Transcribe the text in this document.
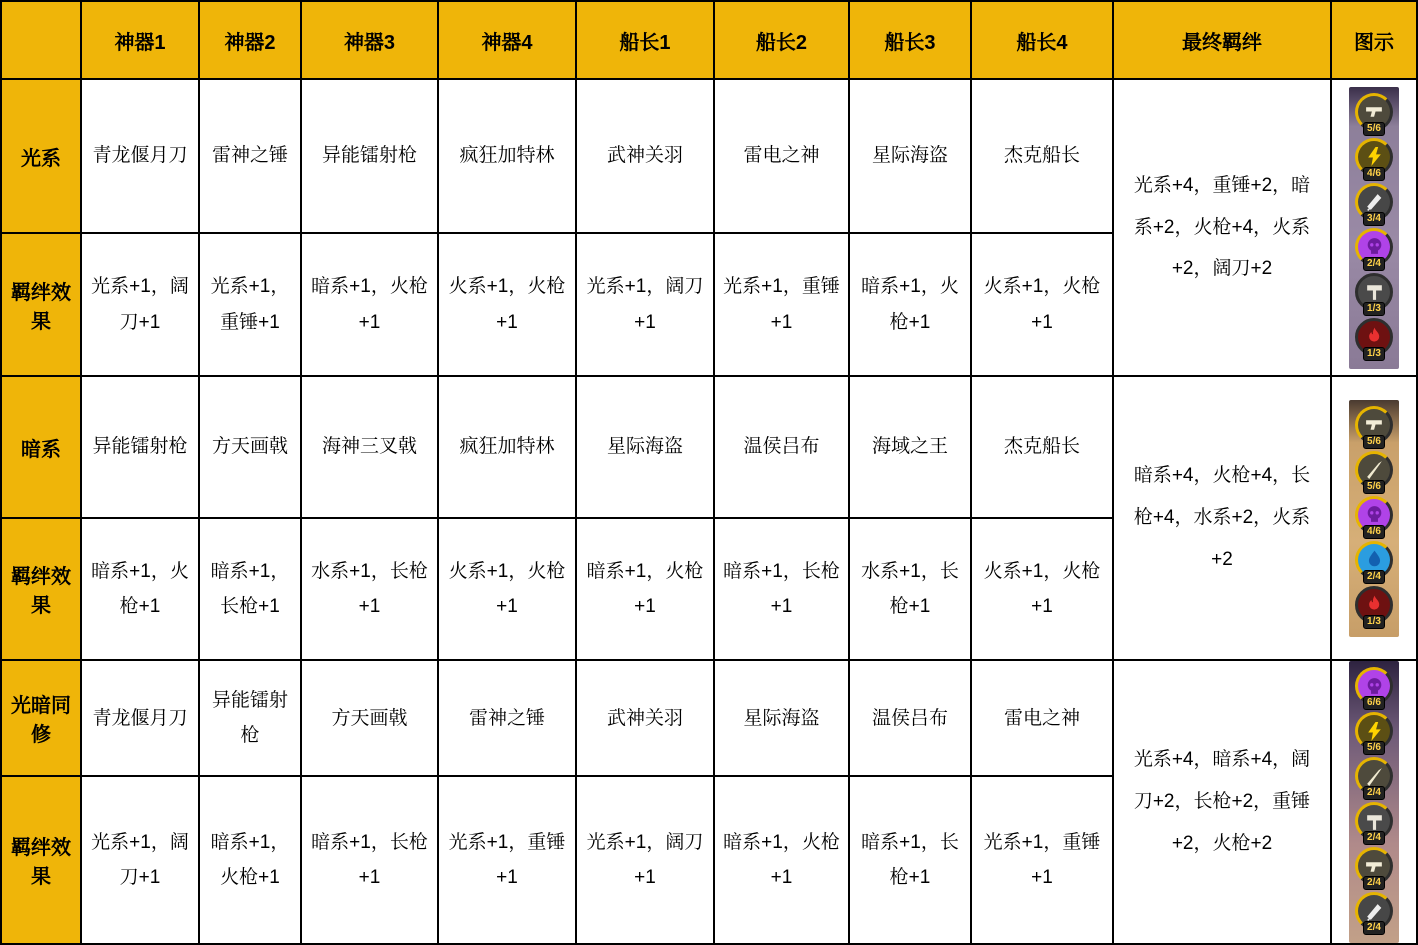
	神器1	神器2	神器3	神器4	船长1	船长2	船长3	船长4	最终羁绊	图示
光系	青龙偃月刀	雷神之锤	异能镭射枪	疯狂加特林	武神关羽	雷电之神	星际海盗	杰克船长	光系+4，重锤+2，暗系+2，火枪+4，火系+2，阔刀+2	
5/6
4/6
3/4
2/4
1/3
1/3

羁绊效果	光系+1，阔刀+1	光系+1，重锤+1	暗系+1，火枪+1	火系+1，火枪+1	光系+1，阔刀+1	光系+1，重锤+1	暗系+1，火枪+1	火系+1，火枪+1		
暗系	异能镭射枪	方天画戟	海神三叉戟	疯狂加特林	星际海盗	温侯吕布	海域之王	杰克船长	暗系+4，火枪+4，长枪+4，水系+2，火系+2	5/6
5/6
4/6
2/4
1/3

羁绊效果	暗系+1，火枪+1	暗系+1，长枪+1	水系+1，长枪+1	火系+1，火枪+1	暗系+1，火枪+1	暗系+1，长枪+1	水系+1，长枪+1	火系+1，火枪+1		
光暗同修	青龙偃月刀	异能镭射枪	方天画戟	雷神之锤	武神关羽	星际海盗	温侯吕布	雷电之神	光系+4，暗系+4，阔刀+2，长枪+2，重锤+2，火枪+2	
6/6
5/6
2/4
2/4
2/4
2/4

羁绊效果	光系+1，阔刀+1	暗系+1，火枪+1	暗系+1，长枪+1	光系+1，重锤+1	光系+1，阔刀+1	暗系+1，火枪+1	暗系+1，长枪+1	光系+1，重锤+1		
